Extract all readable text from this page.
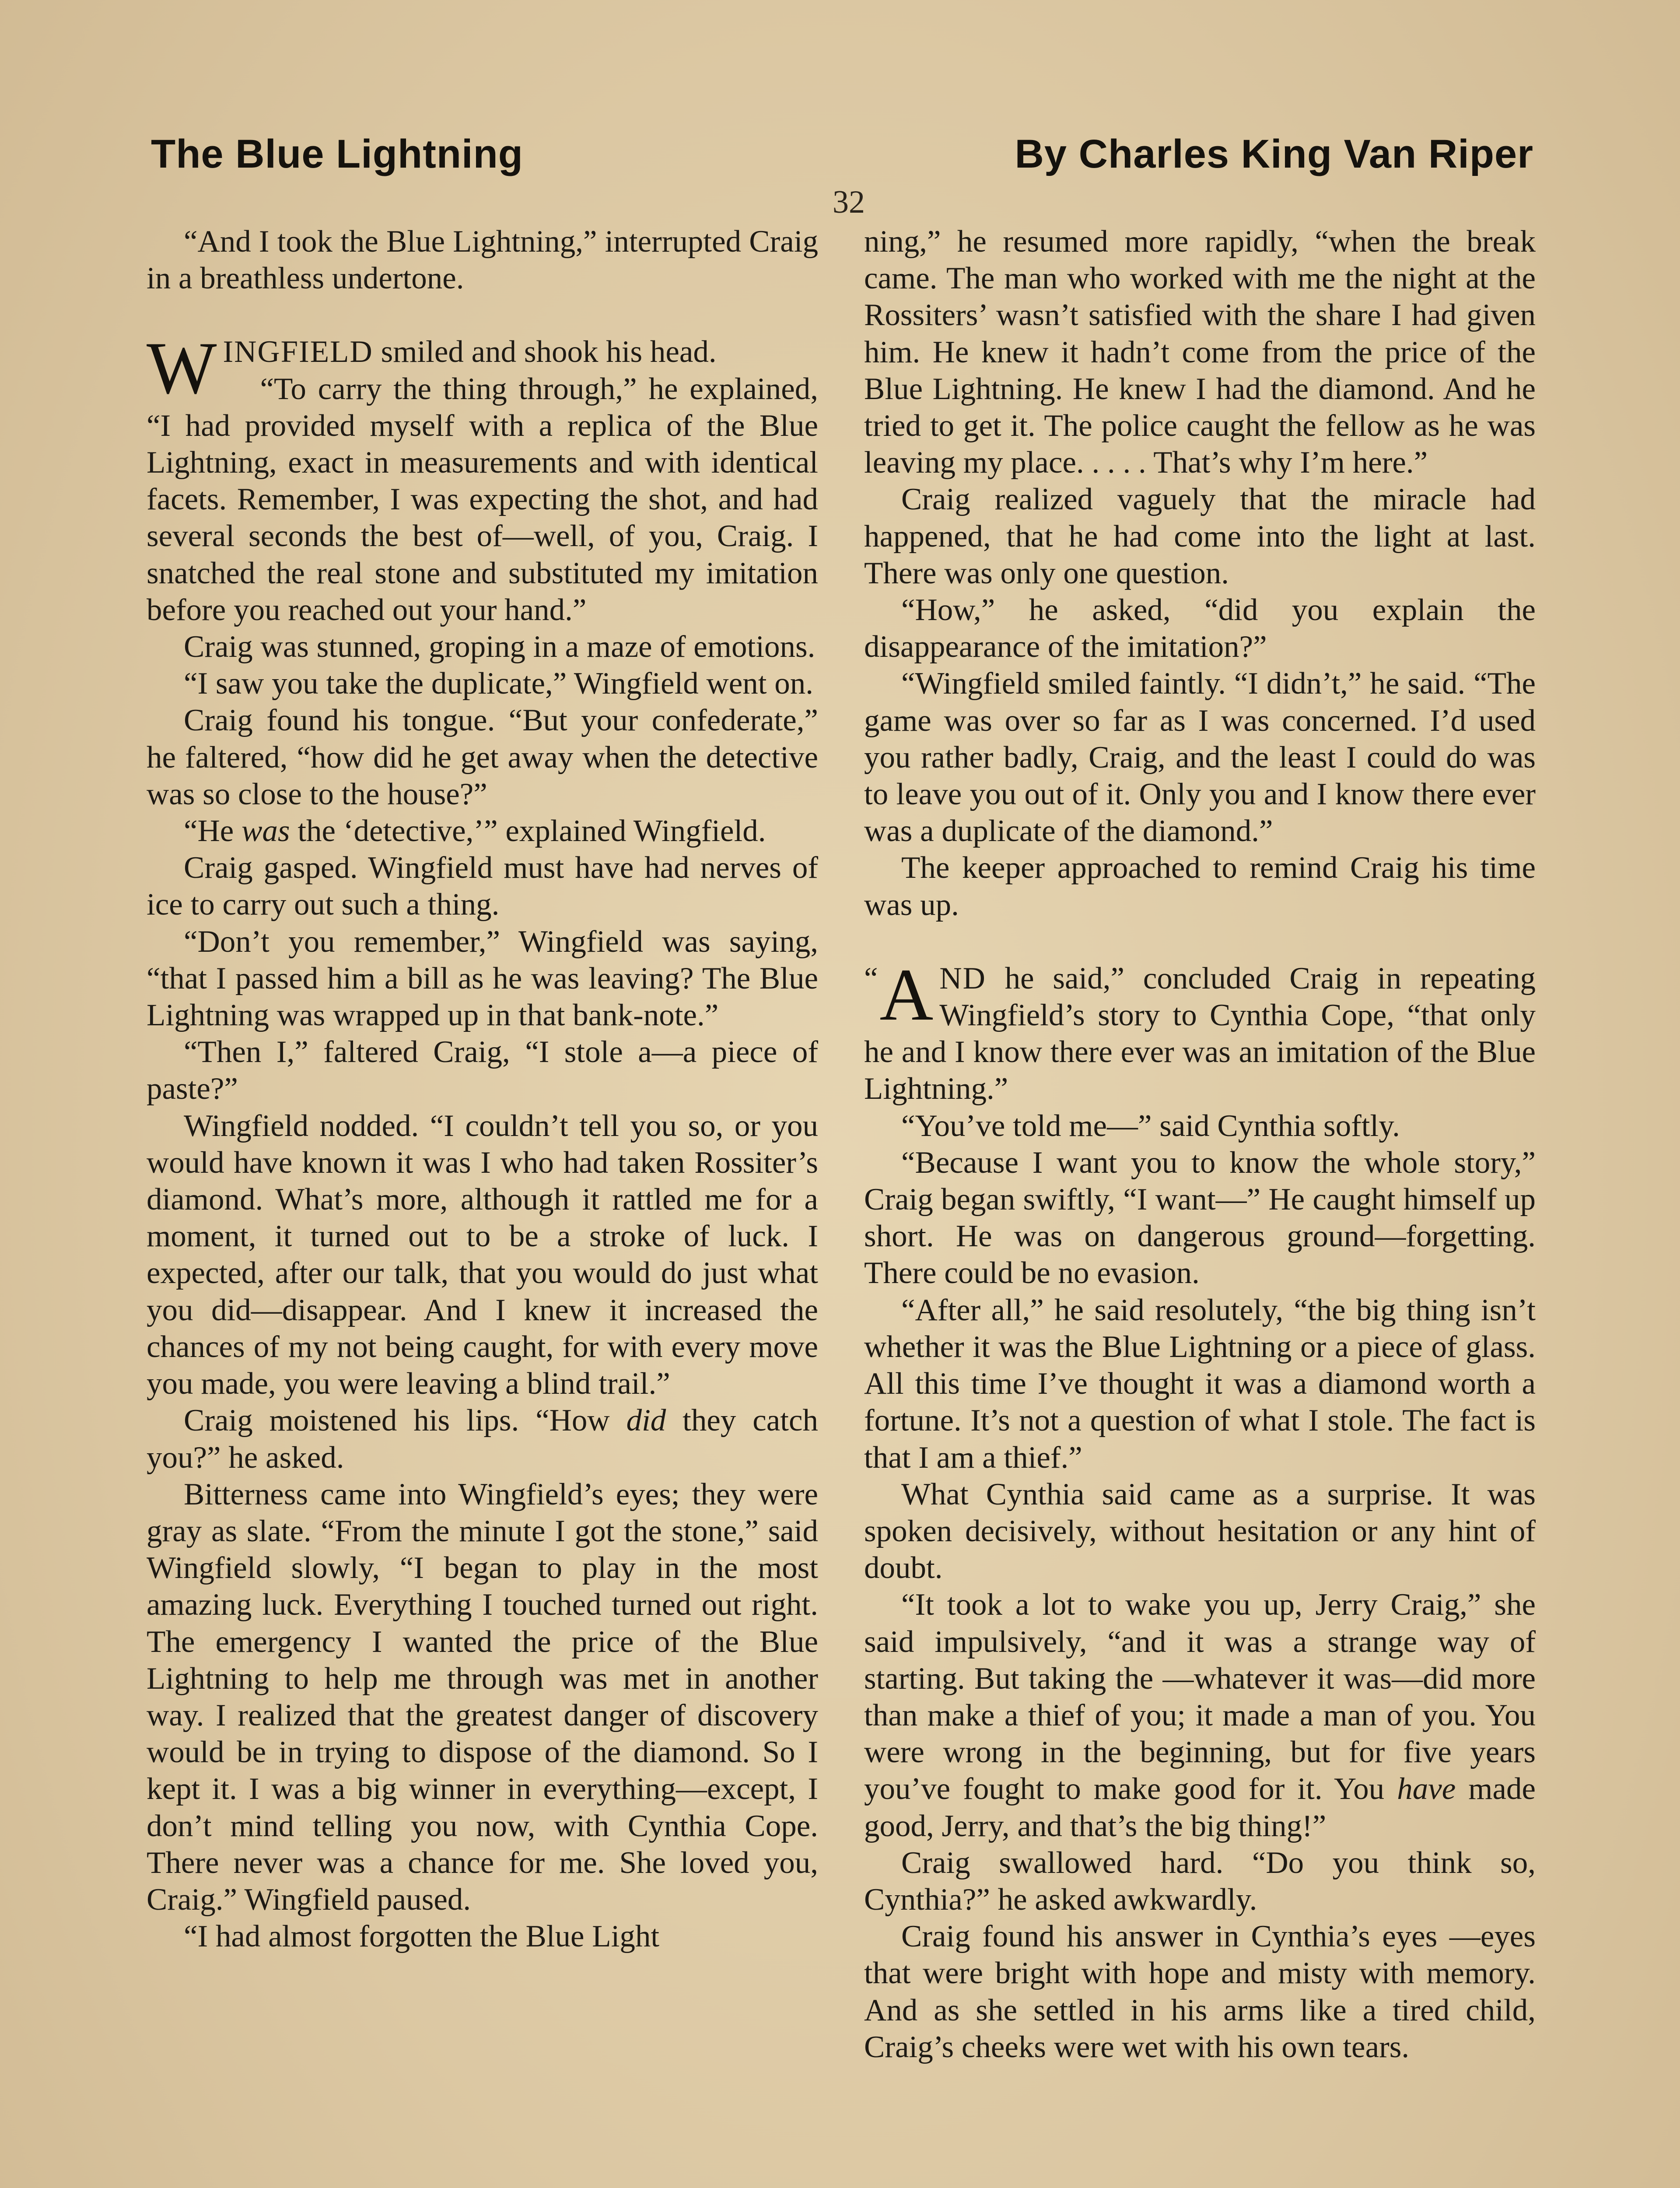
The Blue Lightning	By Charles King Van Riper
32

“And I took the Blue Lightning,” interrupted Craig in a breathless undertone.

WINGFIELD smiled and shook his head.

“To carry the thing through,” he explained, “I had provided myself with a replica of the Blue Lightning, exact in measurements and with identical facets. Remember, I was expecting the shot, and had several seconds the best of—well, of you, Craig. I snatched the real stone and substituted my imitation before you reached out your hand.”

Craig was stunned, groping in a maze of emotions.

“I saw you take the duplicate,” Wingfield went on.

Craig found his tongue. “But your confederate,” he faltered, “how did he get away when the detective was so close to the house?”

“He was the ‘detective,’” explained Wingfield.

Craig gasped. Wingfield must have had nerves of ice to carry out such a thing.

“Don’t you remember,” Wingfield was saying, “that I passed him a bill as he was leaving? The Blue Lightning was wrapped up in that bank-note.”

“Then I,” faltered Craig, “I stole a—a piece of paste?”

Wingfield nodded. “I couldn’t tell you so, or you would have known it was I who had taken Rossiter’s diamond. What’s more, although it rattled me for a moment, it turned out to be a stroke of luck. I expected, after our talk, that you would do just what you did—disappear. And I knew it increased the chances of my not being caught, for with every move you made, you were leaving a blind trail.”

Craig moistened his lips. “How did they catch you?” he asked.

Bitterness came into Wingfield’s eyes; they were gray as slate. “From the minute I got the stone,” said Wingfield slowly, “I began to play in the most amazing luck. Everything I touched turned out right. The emergency I wanted the price of the Blue Lightning to help me through was met in another way. I realized that the greatest danger of discovery would be in trying to dispose of the diamond. So I kept it. I was a big winner in everything—except, I don’t mind telling you now, with Cynthia Cope. There never was a chance for me. She loved you, Craig.” Wingfield paused.

“I had almost forgotten the Blue Light

ning,” he resumed more rapidly, “when the break came. The man who worked with me the night at the Rossiters’ wasn’t satisfied with the share I had given him. He knew it hadn’t come from the price of the Blue Lightning. He knew I had the diamond. And he tried to get it. The police caught the fellow as he was leaving my place. . . . . That’s why I’m here.”

Craig realized vaguely that the miracle had happened, that he had come into the light at last. There was only one question.

“How,” he asked, “did you explain the disappearance of the imitation?”

“Wingfield smiled faintly. “I didn’t,” he said. “The game was over so far as I was concerned. I’d used you rather badly, Craig, and the least I could do was to leave you out of it. Only you and I know there ever was a duplicate of the diamond.”

The keeper approached to remind Craig his time was up.

“ A ND he said,” concluded Craig in repeating Wingfield’s story to Cynthia Cope, “that only he and I know there ever was an imitation of the Blue Lightning.”

“You’ve told me—” said Cynthia softly.

“Because I want you to know the whole story,” Craig began swiftly, “I want—” He caught himself up short. He was on dangerous ground—forgetting. There could be no evasion.

“After all,” he said resolutely, “the big thing isn’t whether it was the Blue Lightning or a piece of glass. All this time I’ve thought it was a diamond worth a fortune. It’s not a question of what I stole. The fact is that I am a thief.”

What Cynthia said came as a surprise. It was spoken decisively, without hesitation or any hint of doubt.

“It took a lot to wake you up, Jerry Craig,” she said impulsively, “and it was a strange way of starting. But taking the —whatever it was—did more than make a thief of you; it made a man of you. You were wrong in the beginning, but for five years you’ve fought to make good for it. You have made good, Jerry, and that’s the big thing!”

Craig swallowed hard. “Do you think so, Cynthia?” he asked awkwardly.

Craig found his answer in Cynthia’s eyes —eyes that were bright with hope and misty with memory. And as she settled in his arms like a tired child, Craig’s cheeks were wet with his own tears.
